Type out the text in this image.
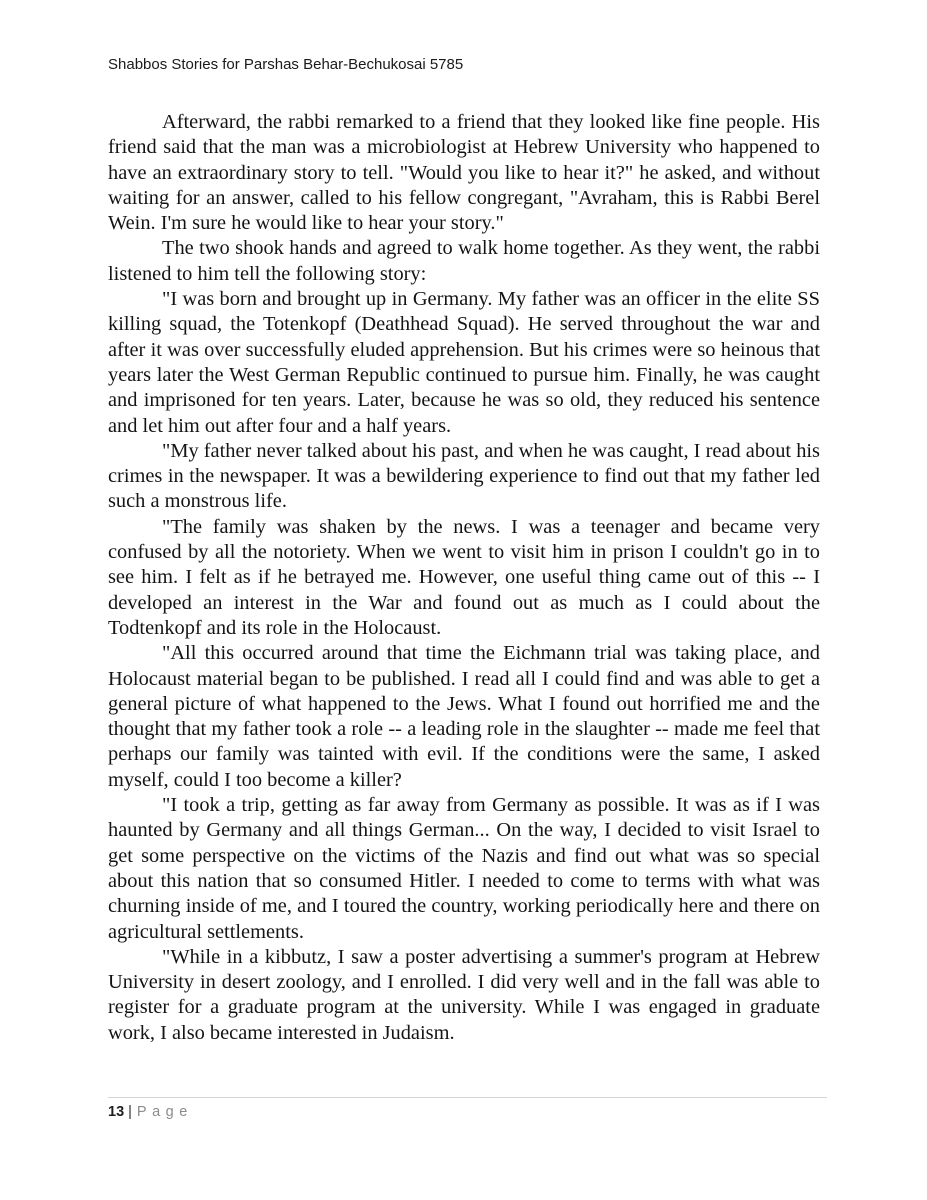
Shabbos Stories for Parshas Behar-Bechukosai 5785

Afterward, the rabbi remarked to a friend that they looked like fine people. His friend said that the man was a microbiologist at Hebrew University who happened to have an extraordinary story to tell. "Would you like to hear it?" he asked, and without waiting for an answer, called to his fellow congregant, "Avraham, this is Rabbi Berel Wein. I'm sure he would like to hear your story."

The two shook hands and agreed to walk home together. As they went, the rabbi listened to him tell the following story:

"I was born and brought up in Germany. My father was an officer in the elite SS killing squad, the Totenkopf (Deathhead Squad). He served throughout the war and after it was over successfully eluded apprehension. But his crimes were so heinous that years later the West German Republic continued to pursue him. Finally, he was caught and imprisoned for ten years. Later, because he was so old, they reduced his sentence and let him out after four and a half years.

"My father never talked about his past, and when he was caught, I read about his crimes in the newspaper. It was a bewildering experience to find out that my father led such a monstrous life.

"The family was shaken by the news. I was a teenager and became very confused by all the notoriety. When we went to visit him in prison I couldn't go in to see him. I felt as if he betrayed me. However, one useful thing came out of this -- I developed an interest in the War and found out as much as I could about the Todtenkopf and its role in the Holocaust.

"All this occurred around that time the Eichmann trial was taking place, and Holocaust material began to be published. I read all I could find and was able to get a general picture of what happened to the Jews. What I found out horrified me and the thought that my father took a role -- a leading role in the slaughter -- made me feel that perhaps our family was tainted with evil. If the conditions were the same, I asked myself, could I too become a killer?

"I took a trip, getting as far away from Germany as possible. It was as if I was haunted by Germany and all things German... On the way, I decided to visit Israel to get some perspective on the victims of the Nazis and find out what was so special about this nation that so consumed Hitler. I needed to come to terms with what was churning inside of me, and I toured the country, working periodically here and there on agricultural settlements.

"While in a kibbutz, I saw a poster advertising a summer's program at Hebrew University in desert zoology, and I enrolled. I did very well and in the fall was able to register for a graduate program at the university. While I was engaged in graduate work, I also became interested in Judaism.

13 | Page
